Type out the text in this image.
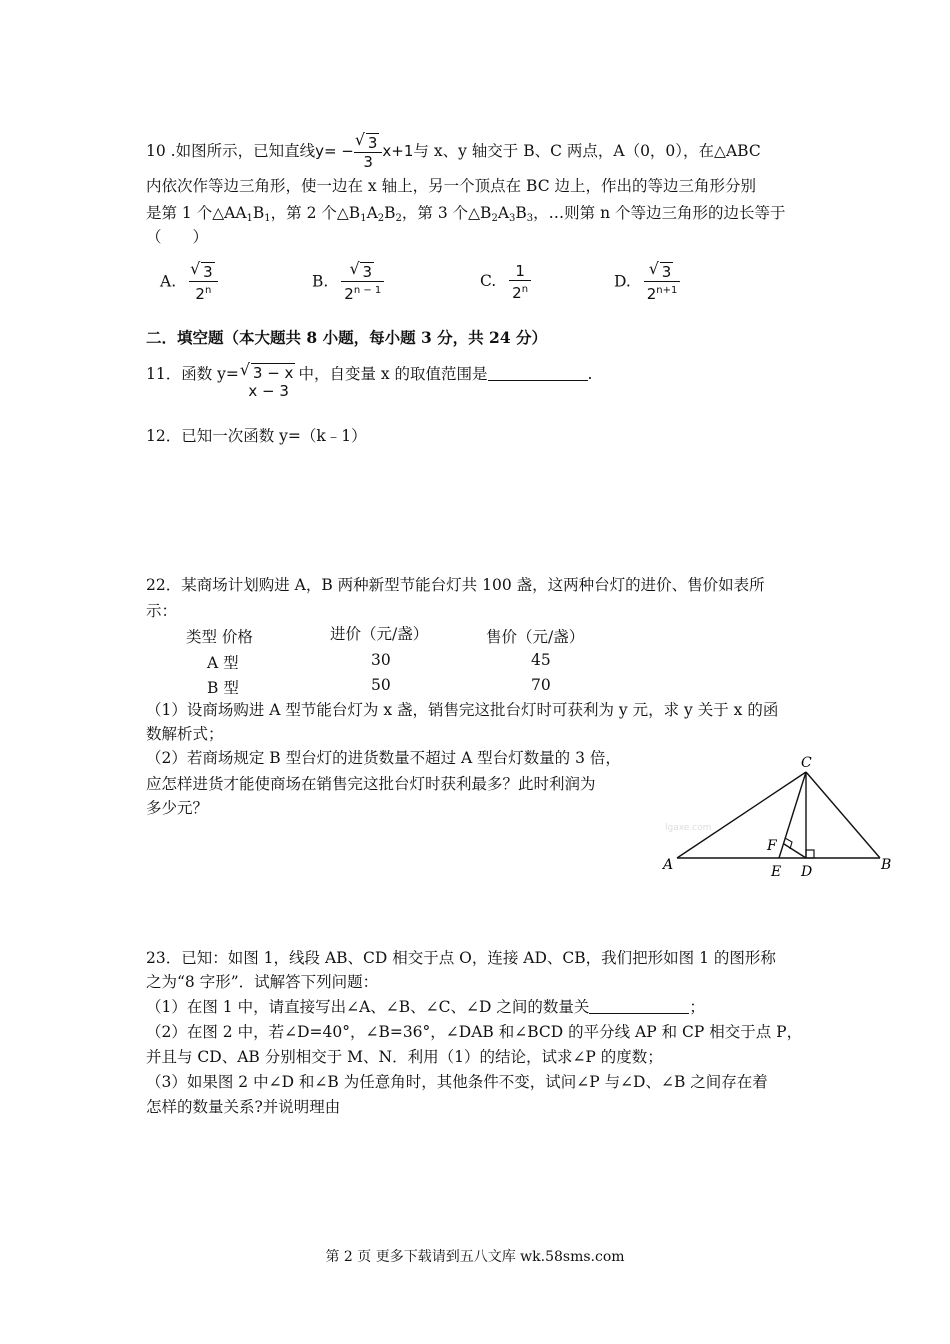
10 .如图所示，已知直线y= − √ $\frac{3}{3} x+1$与 x、y 轴交于 B、C 两点，A（0，0），在△ABC
内依次作等边三角形，使一边在 x 轴上，另一个顶点在 BC 边上，作出的等边三角形分别
是第 1 个$\triangle AA_1B_1$，第 2 个$\triangle B_1A_2B_2$，第 3 个$\triangle B_2A_3B_3$，…则第 n 个等边三角形的边长等于
（　　）
A. √ $\frac{3}{2^n}$	B. √ $\frac{3}{2^{n - 1}}$	C. $\frac{1}{2^n}$	D. √ $\frac{3}{2^{n+1}}$
二．填空题（本大题共 8 小题，每小题 3 分，共 24 分）
11．函数 y= √ 3 − x
x − 3
中，自变量 x 的取值范围是	.
12．已知一次函数 y=（k﹣1）
22．某商场计划购进 A，B 两种新型节能台灯共 100 盏，这两种台灯的进价、售价如表所
示：
类型 价格	进价（元/盏）	售价（元/盏）
A 型	30	45
B 型	50	70
（1）设商场购进 A 型节能台灯为 x 盏，销售完这批台灯时可获利为 y 元，求 y 关于 x 的函
数解析式；
（2）若商场规定 B 型台灯的进货数量不超过 A 型台灯数量的 3 倍，
应怎样进货才能使商场在销售完这批台灯时获利最多？此时利润为
多少元？
C
F
A	E D	B
lgaxe.com
23．已知：如图 1，线段 AB、CD 相交于点 O，连接 AD、CB，我们把形如图 1 的图形称
之为“8 字形”．试解答下列问题：
（1）在图 1 中，请直接写出∠A、∠B、∠C、∠D 之间的数量关	；
（2）在图 2 中，若∠D=40°，∠B=36°，∠DAB 和∠BCD 的平分线 AP 和 CP 相交于点 P，
并且与 CD、AB 分别相交于 M、N．利用（1）的结论，试求∠P 的度数；
（3）如果图 2 中∠D 和∠B 为任意角时，其他条件不变，试问∠P 与∠D、∠B 之间存在着
怎样的数量关系?并说明理由
第 2 页 更多下载请到五八文库 wk.58sms.com
